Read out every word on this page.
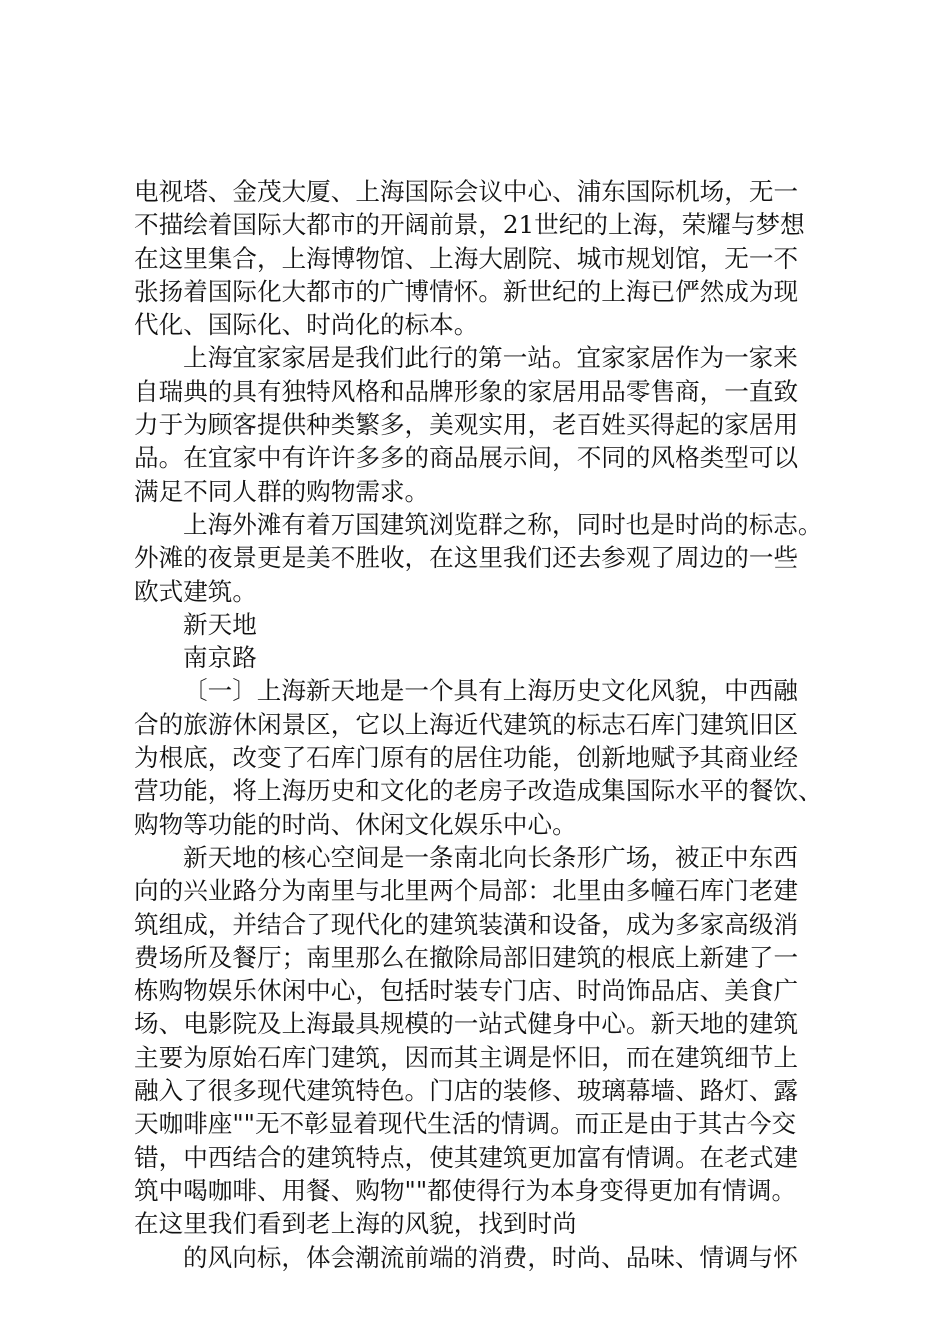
电视塔、金茂大厦、上海国际会议中心、浦东国际机场，无一
不描绘着国际大都市的开阔前景，21世纪的上海，荣耀与梦想
在这里集合，上海博物馆、上海大剧院、城市规划馆，无一不
张扬着国际化大都市的广博情怀。新世纪的上海已俨然成为现
代化、国际化、时尚化的标本。
上海宜家家居是我们此行的第一站。宜家家居作为一家来
自瑞典的具有独特风格和品牌形象的家居用品零售商，一直致
力于为顾客提供种类繁多，美观实用，老百姓买得起的家居用
品。在宜家中有许许多多的商品展示间，不同的风格类型可以
满足不同人群的购物需求。
上海外滩有着万国建筑浏览群之称，同时也是时尚的标志。
外滩的夜景更是美不胜收，在这里我们还去参观了周边的一些
欧式建筑。
新天地
南京路
〔一〕上海新天地是一个具有上海历史文化风貌，中西融
合的旅游休闲景区，它以上海近代建筑的标志石库门建筑旧区
为根底，改变了石库门原有的居住功能，创新地赋予其商业经
营功能，将上海历史和文化的老房子改造成集国际水平的餐饮、
购物等功能的时尚、休闲文化娱乐中心。
新天地的核心空间是一条南北向长条形广场，被正中东西
向的兴业路分为南里与北里两个局部：北里由多幢石库门老建
筑组成，并结合了现代化的建筑装潢和设备，成为多家高级消
费场所及餐厅；南里那么在撤除局部旧建筑的根底上新建了一
栋购物娱乐休闲中心，包括时装专门店、时尚饰品店、美食广
场、电影院及上海最具规模的一站式健身中心。新天地的建筑
主要为原始石库门建筑，因而其主调是怀旧，而在建筑细节上
融入了很多现代建筑特色。门店的装修、玻璃幕墙、路灯、露
天咖啡座""无不彰显着现代生活的情调。而正是由于其古今交
错，中西结合的建筑特点，使其建筑更加富有情调。在老式建
筑中喝咖啡、用餐、购物""都使得行为本身变得更加有情调。
在这里我们看到老上海的风貌，找到时尚
的风向标，体会潮流前端的消费，时尚、品味、情调与怀
